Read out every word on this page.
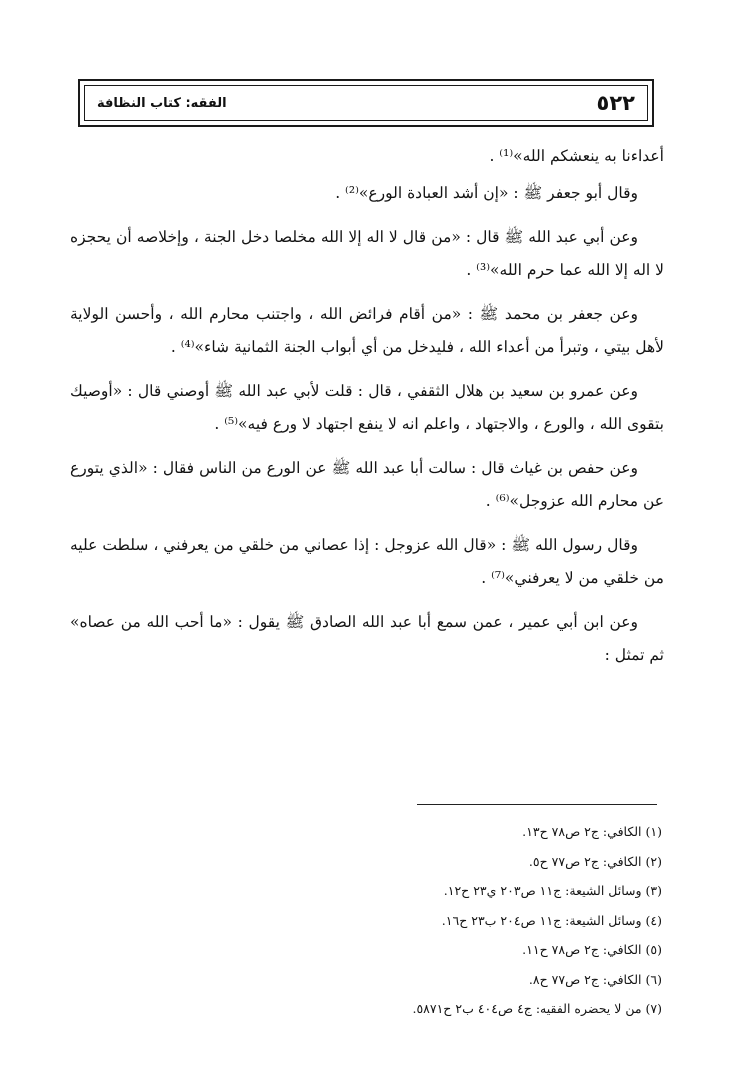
٥٢٢
الفقه: كتاب النظافة

أعداءنا به ينعشكم الله»⁽¹⁾ .

وقال أبو جعفر ﷺ : «إن أشد العبادة الورع»⁽²⁾ .

وعن أبي عبد الله ﷺ قال : «من قال لا اله إلا الله مخلصا دخل الجنة ، وإخلاصه أن يحجزه لا اله إلا الله عما حرم الله»⁽³⁾ .

وعن جعفر بن محمد ﷺ : «من أقام فرائض الله ، واجتنب محارم الله ، وأحسن الولاية لأهل بيتي ، وتبرأ من أعداء الله ، فليدخل من أي أبواب الجنة الثمانية شاء»⁽⁴⁾ .

وعن عمرو بن سعيد بن هلال الثقفي ، قال : قلت لأبي عبد الله ﷺ أوصني قال : «أوصيك بتقوى الله ، والورع ، والاجتهاد ، واعلم انه لا ينفع اجتهاد لا ورع فيه»⁽⁵⁾ .

وعن حفص بن غياث قال : سالت أبا عبد الله ﷺ عن الورع من الناس فقال : «الذي يتورع عن محارم الله عزوجل»⁽⁶⁾ .

وقال رسول الله ﷺ : «قال الله عزوجل : إذا عصاني من خلقي من يعرفني ، سلطت عليه من خلقي من لا يعرفني»⁽⁷⁾ .

وعن ابن أبي عمير ، عمن سمع أبا عبد الله الصادق ﷺ يقول : «ما أحب الله من عصاه» ثم تمثل :

(١) الكافي: ج٢ ص٧٨ ح١٣.
(٢) الكافي: ج٢ ص٧٧ ح٥.
(٣) وسائل الشيعة: ج١١ ص٢٠٣ ي٢٣ ح١٢.
(٤) وسائل الشيعة: ج١١ ص٢٠٤ ب٢٣ ح١٦.
(٥) الكافي: ج٢ ص٧٨ ح١١.
(٦) الكافي: ج٢ ص٧٧ ح٨.
(٧) من لا يحضره الفقيه: ج٤ ص٤٠٤ ب٢ ح٥٨٧١.
